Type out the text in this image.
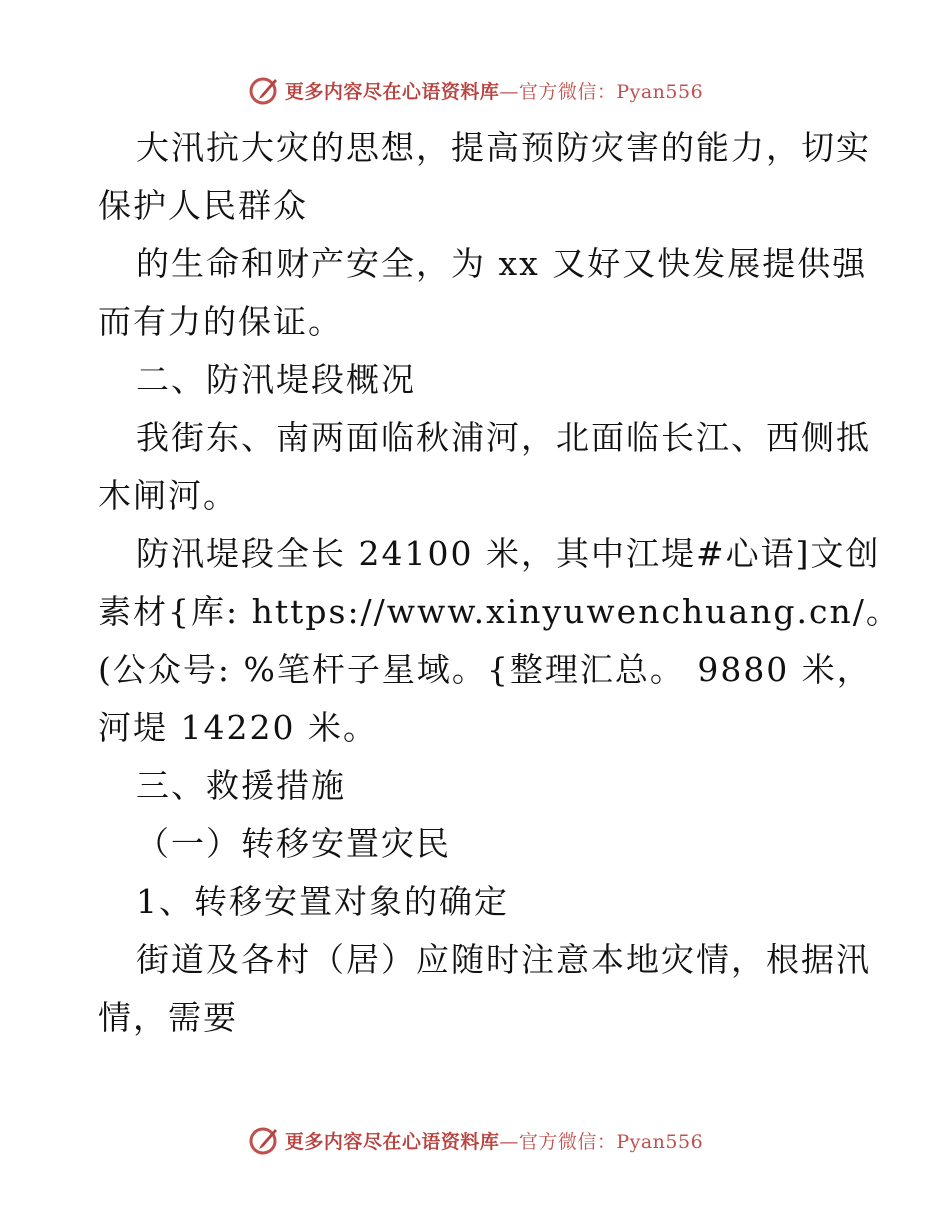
更多内容尽在心语资料库—官方微信：Pyan556
大汛抗大灾的思想，提高预防灾害的能力，切实
保护人民群众
的生命和财产安全，为 xx 又好又快发展提供强
而有力的保证。
二、防汛堤段概况
我街东、南两面临秋浦河，北面临长江、西侧抵
木闸河。
防汛堤段全长 24100 米，其中江堤#心语]文创
素材{库: https://www.xinyuwenchuang.cn/。
(公众号: %笔杆子星域。{整理汇总。 9880 米，
河堤 14220 米。
三、救援措施
（一）转移安置灾民
1、转移安置对象的确定
街道及各村（居）应随时注意本地灾情，根据汛
情，需要
更多内容尽在心语资料库—官方微信：Pyan556
